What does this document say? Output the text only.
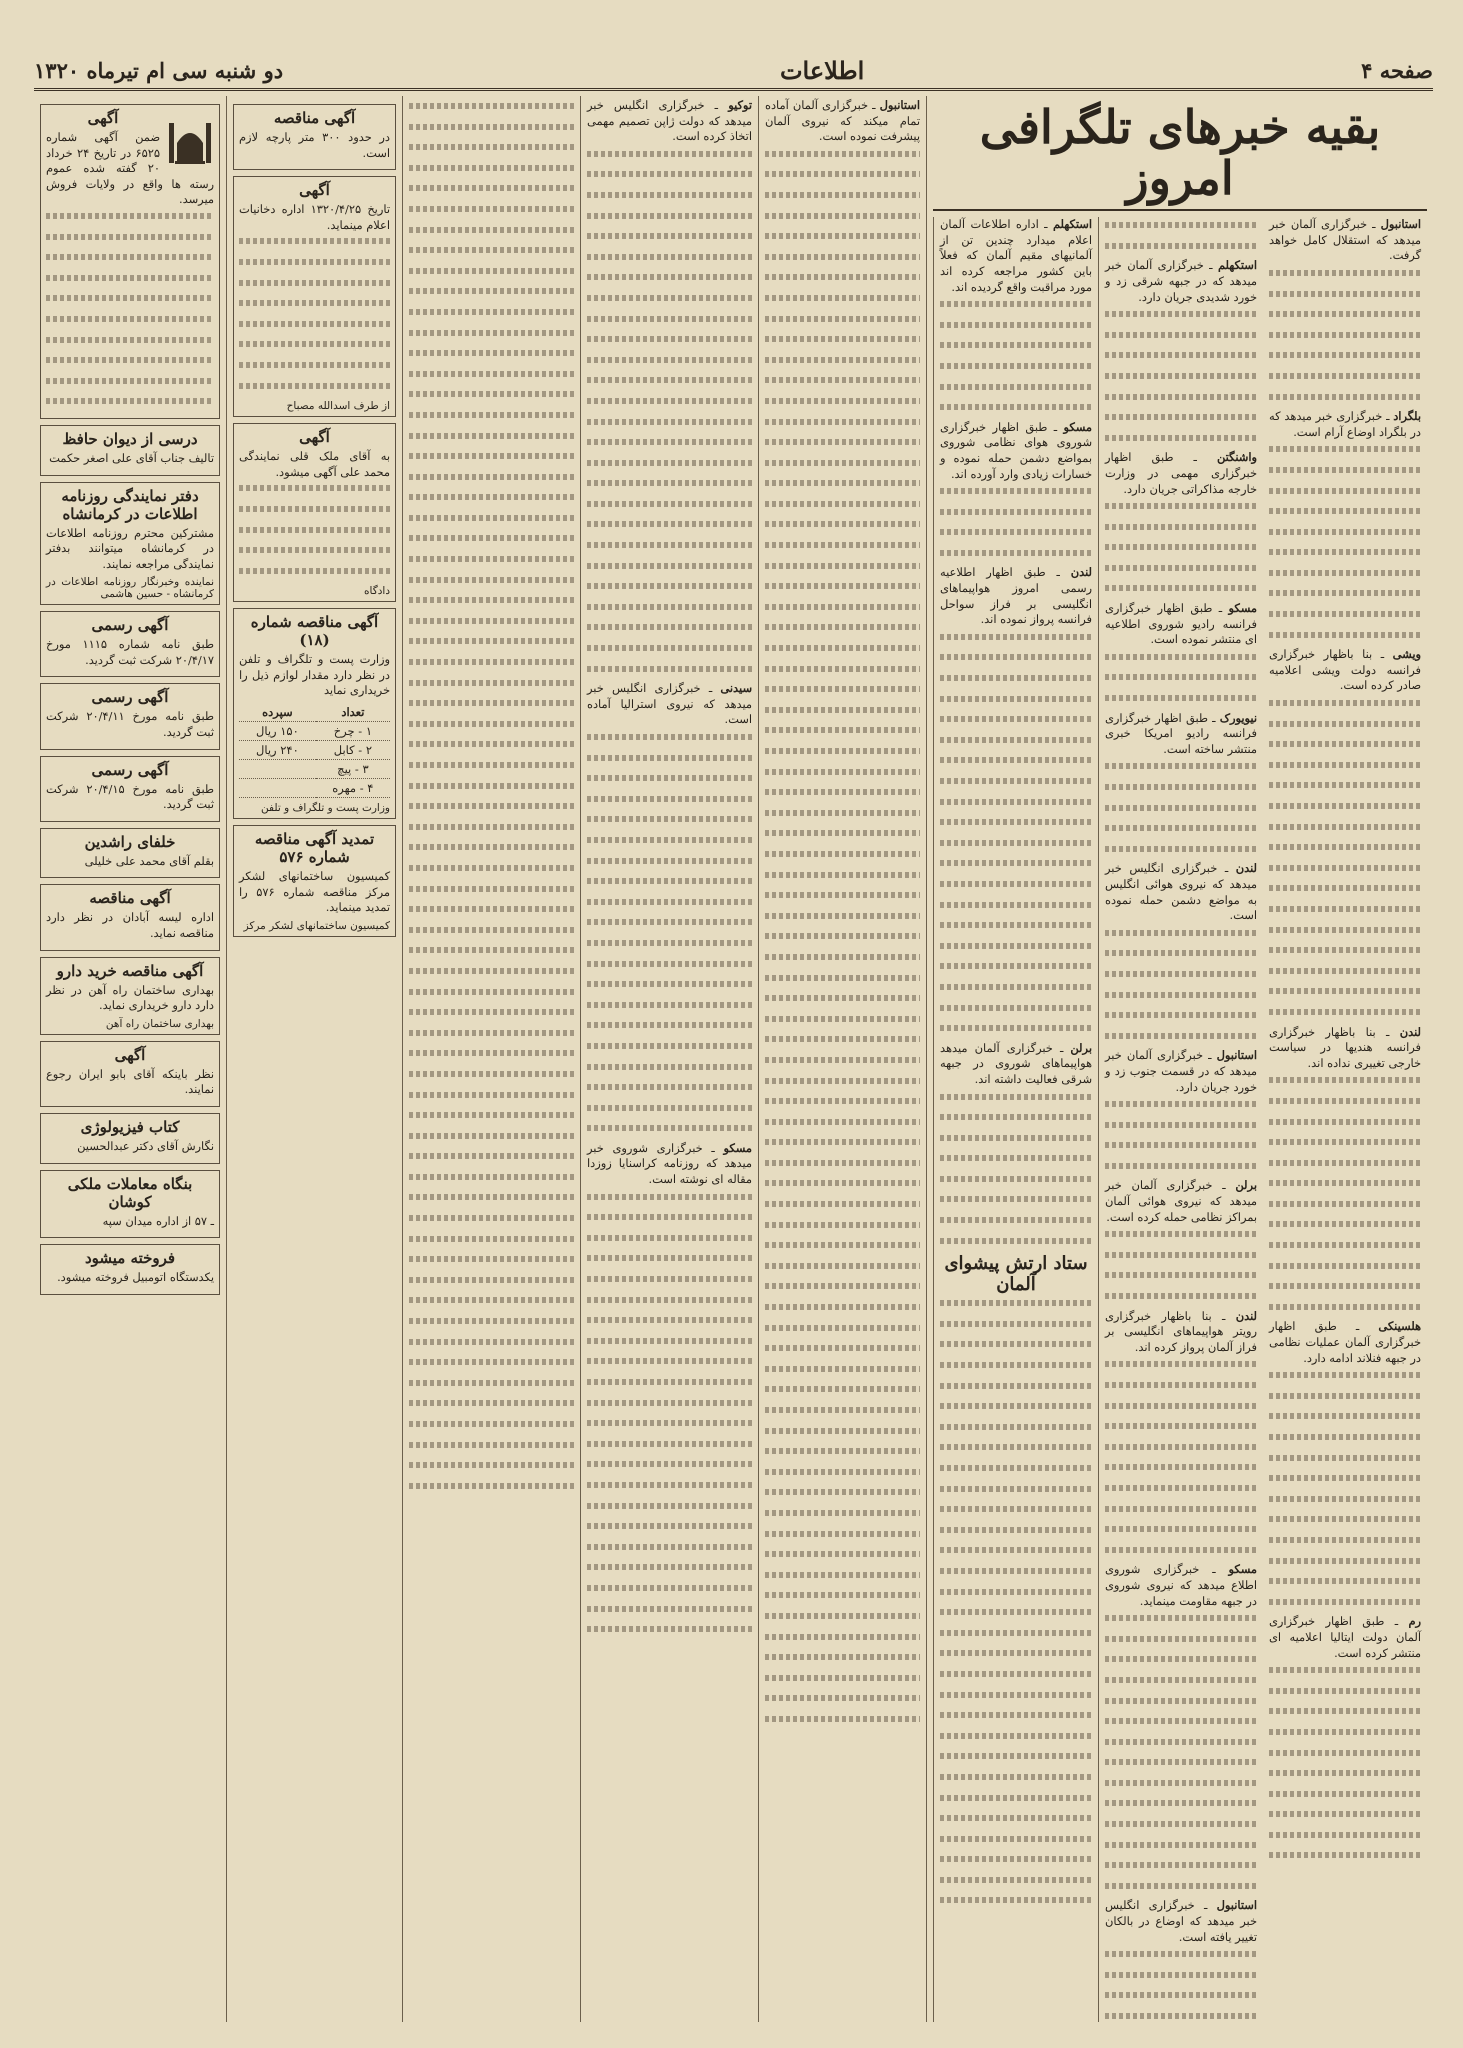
صفحه ۴
اطلاعات
دو شنبه سی ام تیرماه ۱۳۲۰
بقیه خبرهای تلگرافی امروز

استکهلم ـ اداره اطلاعات آلمان اعلام میدارد چندین تن از آلمانیهای مقیم آلمان که فعلاً باین کشور مراجعه کرده اند مورد مراقبت واقع گردیده اند.

مسکو ـ طبق اظهار خبرگزاری شوروی هوای نظامی شوروی بمواضع دشمن حمله نموده و خسارات زیادی وارد آورده اند.

لندن ـ طبق اظهار اطلاعیه رسمی امروز هواپیماهای انگلیسی بر فراز سواحل فرانسه پرواز نموده اند.

برلن ـ خبرگزاری آلمان میدهد هواپیماهای شوروی در جبهه شرقی فعالیت داشته اند.

ستاد ارتش پیشوای آلمان

استکهلم ـ خبرگزاری آلمان خبر میدهد که در جبهه شرقی زد و خورد شدیدی جریان دارد.

واشنگتن ـ طبق اظهار خبرگزاری مهمی در وزارت خارجه مذاکراتی جریان دارد.

مسکو ـ طبق اظهار خبرگزاری فرانسه رادیو شوروی اطلاعیه ای منتشر نموده است.

نیویورک ـ طبق اظهار خبرگزاری فرانسه رادیو امریکا خبری منتشر ساخته است.

لندن ـ خبرگزاری انگلیس خبر میدهد که نیروی هوائی انگلیس به مواضع دشمن حمله نموده است.

استانبول ـ خبرگزاری آلمان خبر میدهد که در قسمت جنوب زد و خورد جریان دارد.

برلن ـ خبرگزاری آلمان خبر میدهد که نیروی هوائی آلمان بمراکز نظامی حمله کرده است.

لندن ـ بنا باظهار خبرگزاری رویتر هواپیماهای انگلیسی بر فراز آلمان پرواز کرده اند.

مسکو ـ خبرگزاری شوروی اطلاع میدهد که نیروی شوروی در جبهه مقاومت مینماید.

استانبول ـ خبرگزاری انگلیس خبر میدهد که اوضاع در بالکان تغییر یافته است.

استانبول ـ خبرگزاری آلمان خبر میدهد که استقلال کامل خواهد گرفت.

بلگراد ـ خبرگزاری خبر میدهد که در بلگراد اوضاع آرام است.

ویشی ـ بنا باظهار خبرگزاری فرانسه دولت ویشی اعلامیه صادر کرده است.

لندن ـ بنا باظهار خبرگزاری فرانسه هندیها در سیاست خارجی تغییری نداده اند.

هلسینکی ـ طبق اظهار خبرگزاری آلمان عملیات نظامی در جبهه فنلاند ادامه دارد.

رم ـ طبق اظهار خبرگزاری آلمان دولت ایتالیا اعلامیه ای منتشر کرده است.

استانبول ـ خبرگزاری آلمان آماده تمام میکند که نیروی آلمان پیشرفت نموده است.

توکیو ـ خبرگزاری انگلیس خبر میدهد که دولت ژاپن تصمیم مهمی اتخاذ کرده است.

سیدنی ـ خبرگزاری انگلیس خبر میدهد که نیروی استرالیا آماده است.

مسکو ـ خبرگزاری شوروی خبر میدهد که روزنامه کراسنایا زوزدا مقاله ای نوشته است.

آگهی مناقصه

در حدود ۳۰۰ متر پارچه لازم است.

آگهی

تاریخ ۱۳۲۰/۴/۲۵ اداره دخانیات اعلام مینماید.

از طرف اسدالله مصباح
آگهی

به آقای ملک قلی نمایندگی محمد علی آگهی میشود.

دادگاه
آگهی مناقصه شماره (۱۸)

وزارت پست و تلگراف و تلفن در نظر دارد مقدار لوازم ذیل را خریداری نماید

تعداد	سپرده
۱ - چرخ	۱۵۰ ریال
۲ - کابل	۲۴۰ ریال
۳ - پیچ	
۴ - مهره	
وزارت پست و تلگراف و تلفن
تمدید آگهی مناقصه شماره ۵۷۶

کمیسیون ساختمانهای لشکر مرکز مناقصه شماره ۵۷۶ را تمدید مینماید.

کمیسیون ساختمانهای لشکر مرکز
آگهی

ضمن آگهی شماره ۶۵۲۵ در تاریخ ۲۴ خرداد ۲۰ گفته شده عموم رسته ها واقع در ولایات فروش میرسد.

درسی از دیوان حافظ

تالیف جناب آقای علی اصغر حکمت

دفتر نمایندگی روزنامه اطلاعات در کرمانشاه

مشترکین محترم روزنامه اطلاعات در کرمانشاه میتوانند بدفتر نمایندگی مراجعه نمایند.

نماینده وخبرنگار روزنامه اطلاعات در کرمانشاه - حسین هاشمی
آگهی رسمی

طبق نامه شماره ۱۱۱۵ مورخ ۲۰/۴/۱۷ شرکت ثبت گردید.

آگهی رسمی

طبق نامه مورخ ۲۰/۴/۱۱ شرکت ثبت گردید.

آگهی رسمی

طبق نامه مورخ ۲۰/۴/۱۵ شرکت ثبت گردید.

خلفای راشدین

بقلم آقای محمد علی خلیلی

آگهی مناقصه

اداره لیسه آبادان در نظر دارد مناقصه نماید.

آگهی مناقصه خرید دارو

بهداری ساختمان راه آهن در نظر دارد دارو خریداری نماید.

بهداری ساختمان راه آهن
آگهی

نظر باینکه آقای بابو ایران رجوع نمایند.

کتاب فیزیولوژی

نگارش آقای دکتر عبدالحسین

بنگاه معاملات ملکی کوشان

ـ ۵۷ از اداره میدان سپه

فروخته میشود

یکدستگاه اتومبیل فروخته میشود.
